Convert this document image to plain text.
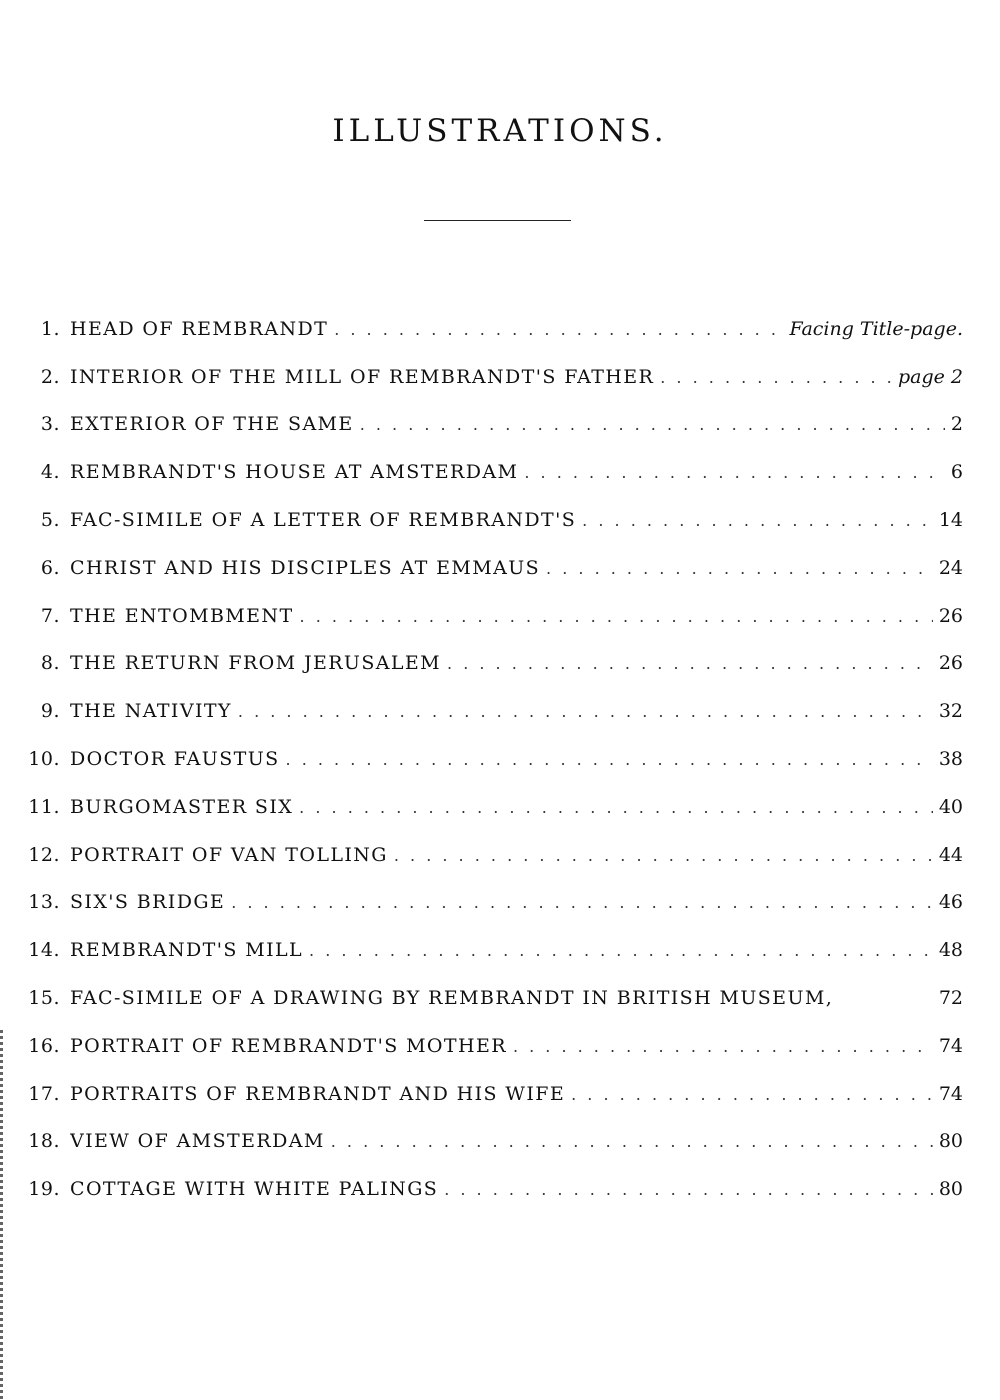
ILLUSTRATIONS.
1. HEAD OF REMBRANDT . . .	Facing Title-page.
2. INTERIOR OF THE MILL OF REMBRANDT'S FATHER . . .	page 2
3. EXTERIOR OF THE SAME . . .	2
4. REMBRANDT'S HOUSE AT AMSTERDAM . . .	6
5. FAC-SIMILE OF A LETTER OF REMBRANDT'S . . .	14
6. CHRIST AND HIS DISCIPLES AT EMMAUS . . .	24
7. THE ENTOMBMENT . . .	26
8. THE RETURN FROM JERUSALEM . . .	26
9. THE NATIVITY . . .	32
10. DOCTOR FAUSTUS . . .	38
11. BURGOMASTER SIX . . .	40
12. PORTRAIT OF VAN TOLLING . . .	44
13. SIX'S BRIDGE . . .	46
14. REMBRANDT'S MILL . . .	48
15. FAC-SIMILE OF A DRAWING BY REMBRANDT IN BRITISH MUSEUM,	72
16. PORTRAIT OF REMBRANDT'S MOTHER . . .	74
17. PORTRAITS OF REMBRANDT AND HIS WIFE . . .	74
18. VIEW OF AMSTERDAM . . .	80
19. COTTAGE WITH WHITE PALINGS . . .	80
